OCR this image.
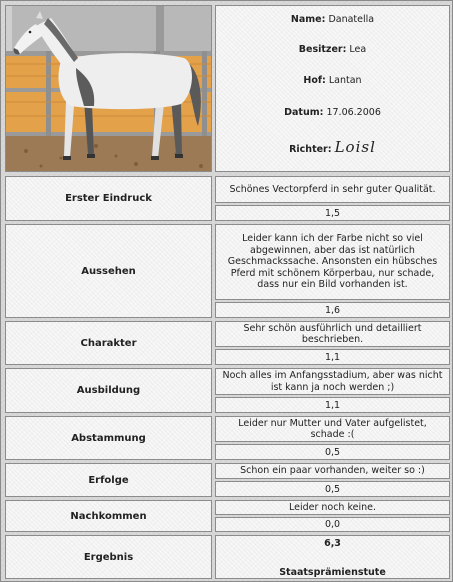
Name: Danatella
Besitzer: Lea
Hof: Lantan
Datum: 17.06.2006
Richter: Loisl
Erster Eindruck
Schönes Vectorpferd in sehr guter Qualität.
1,5
Aussehen
Leider kann ich der Farbe nicht so viel abgewinnen, aber das ist natürlich Geschmackssache. Ansonsten ein hübsches Pferd mit schönem Körperbau, nur schade, dass nur ein Bild vorhanden ist.
1,6
Charakter
Sehr schön ausführlich und detailliert beschrieben.
1,1
Ausbildung
Noch alles im Anfangsstadium, aber was nicht ist kann ja noch werden ;)
1,1
Abstammung
Leider nur Mutter und Vater aufgelistet, schade :(
0,5
Erfolge
Schon ein paar vorhanden, weiter so :)
0,5
Nachkommen
Leider noch keine.
0,0
Ergebnis
6,3
Staatsprämienstute
